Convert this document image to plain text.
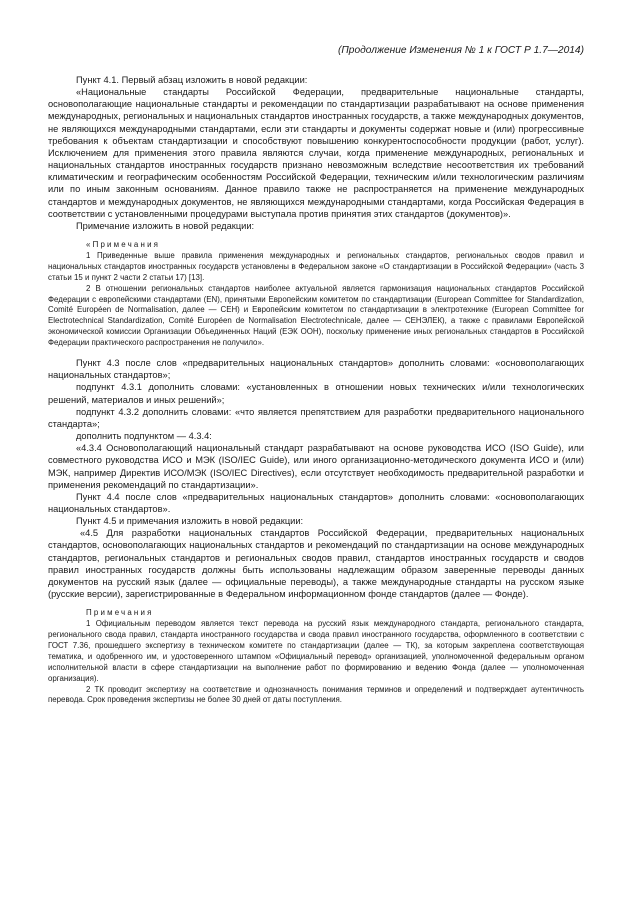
(Продолжение Изменения № 1 к ГОСТ Р 1.7—2014)

Пункт 4.1. Первый абзац изложить в новой редакции:

«Национальные стандарты Российской Федерации, предварительные национальные стандарты, основополагающие национальные стандарты и рекомендации по стандартизации разрабатывают на основе применения международных, региональных и национальных стандартов иностранных государств, а также международных документов, не являющихся международными стандартами, если эти стандарты и документы содержат новые и (или) прогрессивные требования к объектам стандартизации и способствуют повышению конкурентоспособности продукции (работ, услуг). Исключением для применения этого правила являются случаи, когда применение международных, региональных и национальных стандартов иностранных государств признано невозможным вследствие несоответствия их требований климатическим и географическим особенностям Российской Федерации, техническим и/или технологическим различиям или по иным законным основаниям. Данное правило также не распространяется на применение международных стандартов и международных документов, не являющихся международными стандартами, когда Российская Федерация в соответствии с установленными процедурами выступала против принятия этих стандартов (документов)».

Примечание изложить в новой редакции:

«Примечания

1 Приведенные выше правила применения международных и региональных стандартов, региональных сводов правил и национальных стандартов иностранных государств установлены в Федеральном законе «О стандартизации в Российской Федерации» (часть 3 статьи 15 и пункт 2 части 2 статьи 17) [13].

2 В отношении региональных стандартов наиболее актуальной является гармонизация национальных стандартов Российской Федерации с европейскими стандартами (EN), принятыми Европейским комитетом по стандартизации (European Committee for Standardization, Comité Européen de Normalisation, далее — CEH) и Европейским комитетом по стандартизации в электротехнике (European Committee for Electrotechnical Standardization, Comité Européen de Normalisation Electrotechnicale, далее — СЕНЭЛЕК), а также с правилами Европейской экономической комиссии Организации Объединенных Наций (ЕЭК ООН), поскольку применение иных региональных стандартов в Российской Федерации практического распространения не получило».

Пункт 4.3 после слов «предварительных национальных стандартов» дополнить словами: «основополагающих национальных стандартов»;

подпункт 4.3.1 дополнить словами: «установленных в отношении новых технических и/или технологических решений, материалов и иных решений»;

подпункт 4.3.2 дополнить словами: «что является препятствием для разработки предварительного национального стандарта»;

дополнить подпунктом — 4.3.4:

«4.3.4 Основополагающий национальный стандарт разрабатывают на основе руководства ИСО (ISO Guide), или совместного руководства ИСО и МЭК (ISO/IEC Guide), или иного организационно-методического документа ИСО и (или) МЭК, например Директив ИСО/МЭК (ISO/IEC Directives), если отсутствует необходимость предварительной разработки и применения рекомендаций по стандартизации».

Пункт 4.4 после слов «предварительных национальных стандартов» дополнить словами: «основополагающих национальных стандартов».

Пункт 4.5 и примечания изложить в новой редакции:

«4.5 Для разработки национальных стандартов Российской Федерации, предварительных национальных стандартов, основополагающих национальных стандартов и рекомендаций по стандартизации на основе международных стандартов, региональных стандартов и региональных сводов правил, стандартов иностранных государств и сводов правил иностранных государств должны быть использованы надлежащим образом заверенные переводы данных документов на русский язык (далее — официальные переводы), а также международные стандарты на русском языке (русские версии), зарегистрированные в Федеральном информационном фонде стандартов (далее — Фонде).

Примечания

1 Официальным переводом является текст перевода на русский язык международного стандарта, регионального стандарта, регионального свода правил, стандарта иностранного государства и свода правил иностранного государства, оформленного в соответствии с ГОСТ 7.36, прошедшего экспертизу в техническом комитете по стандартизации (далее — ТК), за которым закреплена соответствующая тематика, и одобренного им, и удостоверенного штампом «Официальный перевод» организацией, уполномоченной федеральным органом исполнительной власти в сфере стандартизации на выполнение работ по формированию и ведению Фонда (далее — уполномоченная организация).

2 ТК проводит экспертизу на соответствие и однозначность понимания терминов и определений и подтверждает аутентичность перевода. Срок проведения экспертизы не более 30 дней от даты поступления.
